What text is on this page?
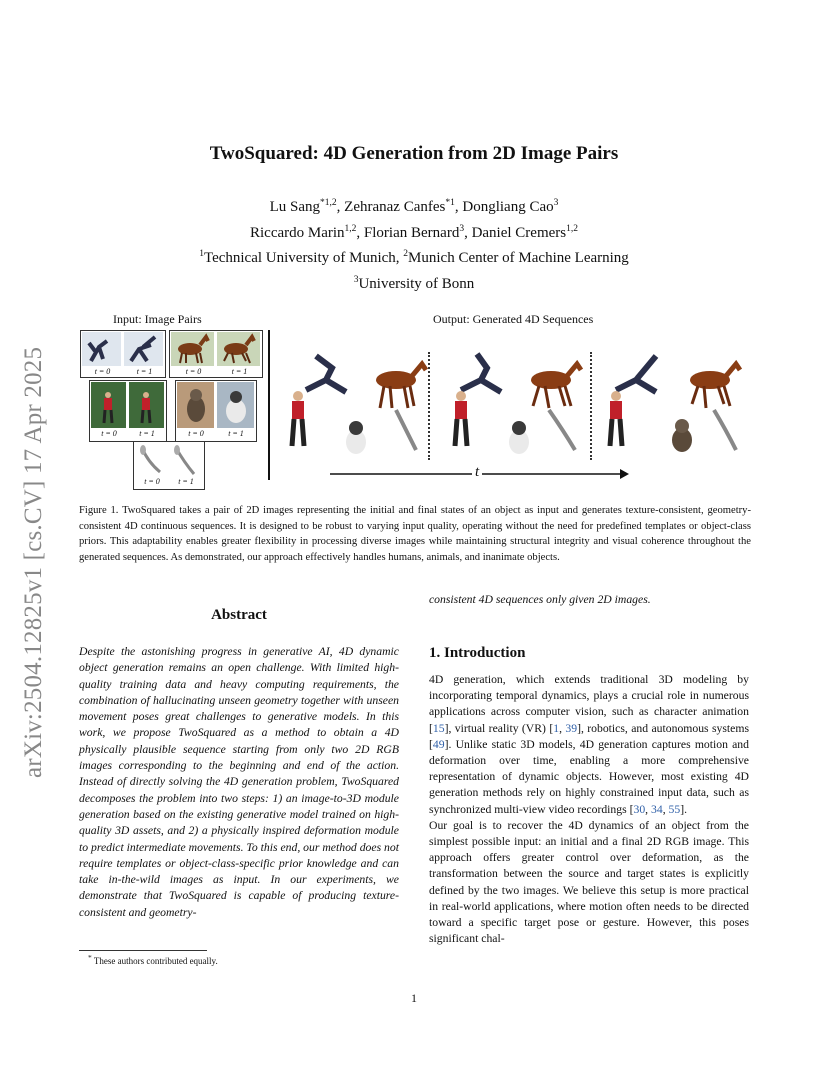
arXiv:2504.12825v1 [cs.CV] 17 Apr 2025
TwoSquared: 4D Generation from 2D Image Pairs
Lu Sang$^{*1,2}$, Zehranaz Canfes$^{*1}$, Dongliang Cao$^3$
Riccardo Marin$^{1,2}$, Florian Bernard$^3$, Daniel Cremers$^{1,2}$
$^1$Technical University of Munich, $^2$Munich Center of Machine Learning
$^3$University of Bonn
Input: Image Pairs	Output: Generated 4D Sequences
t = 0	t = 1	t = 0	t = 1
t = 0	t = 1	t = 0	t = 1
t = 0	t = 1
t
Figure 1. TwoSquared takes a pair of 2D images representing the initial and final states of an object as input and generates texture-consistent, geometry-consistent 4D continuous sequences. It is designed to be robust to varying input quality, operating without the need for predefined templates or object-class priors. This adaptability enables greater flexibility in processing diverse images while maintaining structural integrity and visual coherence throughout the generated sequences. As demonstrated, our approach effectively handles humans, animals, and inanimate objects.
Abstract
Despite the astonishing progress in generative AI, 4D dynamic object generation remains an open challenge. With limited high-quality training data and heavy computing requirements, the combination of hallucinating unseen geometry together with unseen movement poses great challenges to generative models. In this work, we propose TwoSquared as a method to obtain a 4D physically plausible sequence starting from only two 2D RGB images corresponding to the beginning and end of the action. Instead of directly solving the 4D generation problem, TwoSquared decomposes the problem into two steps: 1) an image-to-3D module generation based on the existing generative model trained on high-quality 3D assets, and 2) a physically inspired deformation module to predict intermediate movements. To this end, our method does not require templates or object-class-specific prior knowledge and can take in-the-wild images as input. In our experiments, we demonstrate that TwoSquared is capable of producing texture-consistent and geometry-
consistent 4D sequences only given 2D images.
1. Introduction

4D generation, which extends traditional 3D modeling by incorporating temporal dynamics, plays a crucial role in numerous applications across computer vision, such as character animation [15], virtual reality (VR) [1, 39], robotics, and autonomous systems [49]. Unlike static 3D models, 4D generation captures motion and deformation over time, enabling a more comprehensive representation of dynamic objects. However, most existing 4D generation methods rely on highly constrained input data, such as synchronized multi-view video recordings [30, 34, 55].

Our goal is to recover the 4D dynamics of an object from the simplest possible input: an initial and a final 2D RGB image. This approach offers greater control over deformation, as the transformation between the source and target states is explicitly defined by the two images. We believe this setup is more practical in real-world applications, where motion often needs to be directed toward a specific target pose or gesture. However, this poses significant chal-

* These authors contributed equally.
1
